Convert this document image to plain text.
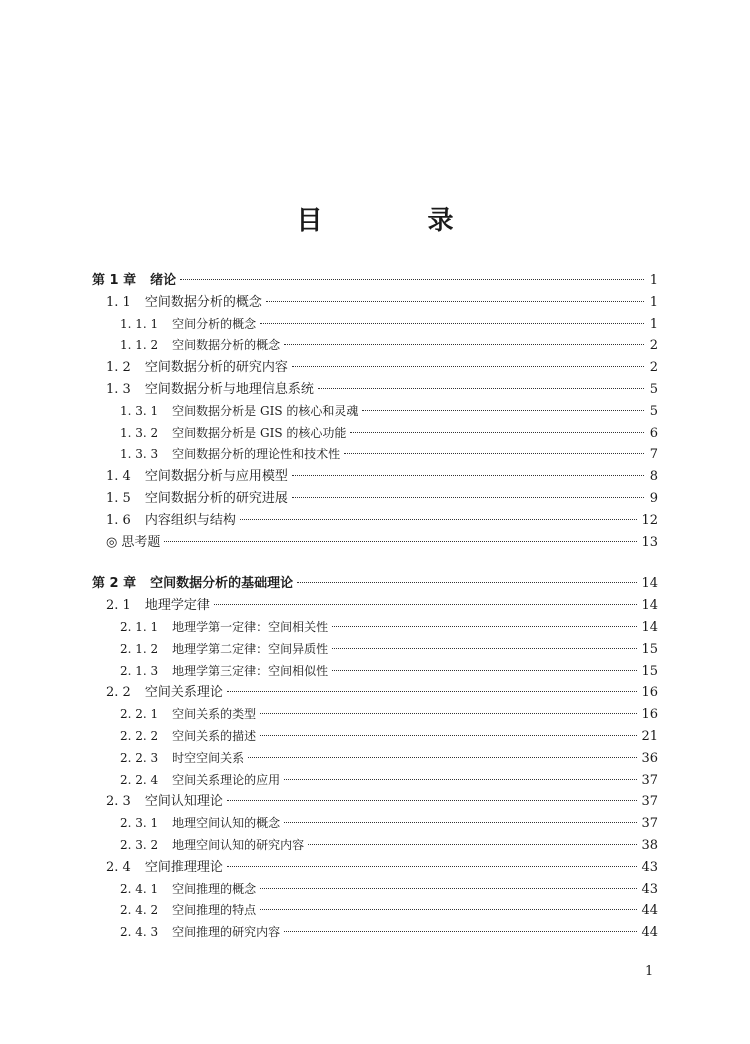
目 录
第 1 章 绪论	1
1. 1 空间数据分析的概念	1
1. 1. 1 空间分析的概念	1
1. 1. 2 空间数据分析的概念	2
1. 2 空间数据分析的研究内容	2
1. 3 空间数据分析与地理信息系统	5
1. 3. 1 空间数据分析是 GIS 的核心和灵魂	5
1. 3. 2 空间数据分析是 GIS 的核心功能	6
1. 3. 3 空间数据分析的理论性和技术性	7
1. 4 空间数据分析与应用模型	8
1. 5 空间数据分析的研究进展	9
1. 6 内容组织与结构	12
◎ 思考题	13
第 2 章 空间数据分析的基础理论	14
2. 1 地理学定律	14
2. 1. 1 地理学第一定律：空间相关性	14
2. 1. 2 地理学第二定律：空间异质性	15
2. 1. 3 地理学第三定律：空间相似性	15
2. 2 空间关系理论	16
2. 2. 1 空间关系的类型	16
2. 2. 2 空间关系的描述	21
2. 2. 3 时空空间关系	36
2. 2. 4 空间关系理论的应用	37
2. 3 空间认知理论	37
2. 3. 1 地理空间认知的概念	37
2. 3. 2 地理空间认知的研究内容	38
2. 4 空间推理理论	43
2. 4. 1 空间推理的概念	43
2. 4. 2 空间推理的特点	44
2. 4. 3 空间推理的研究内容	44
1
